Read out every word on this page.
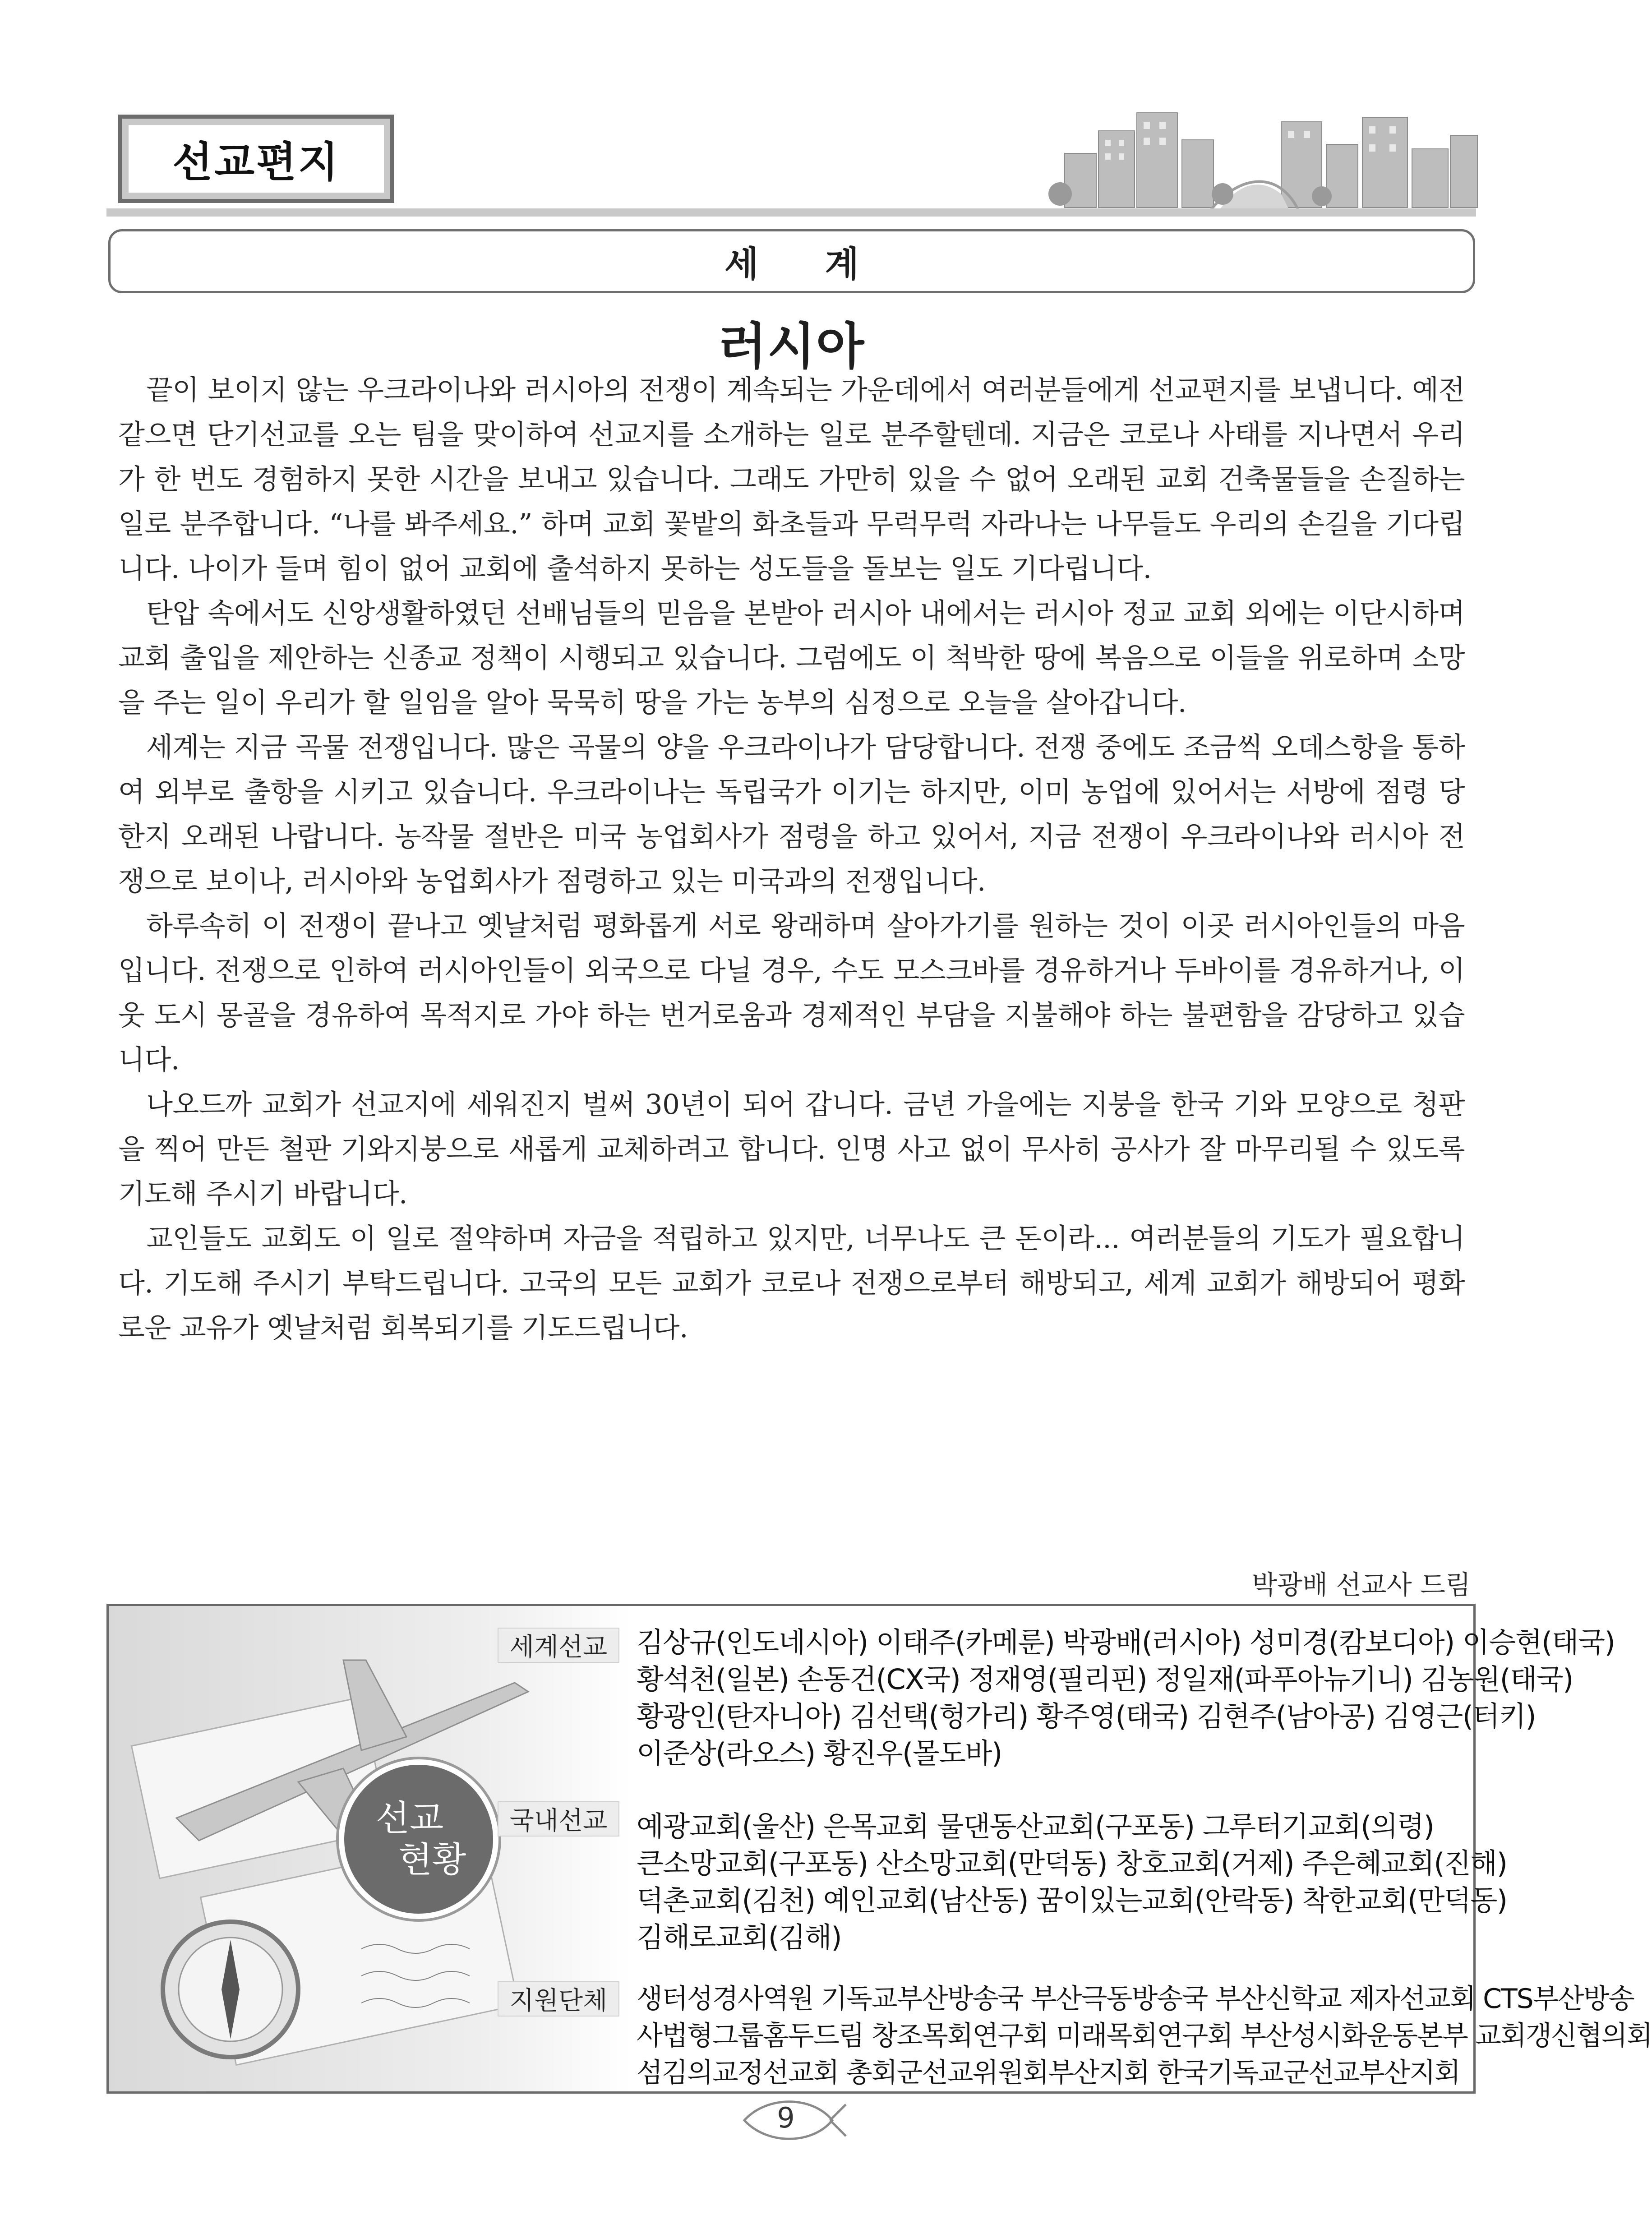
선교편지
세 계
러시아

끝이 보이지 않는 우크라이나와 러시아의 전쟁이 계속되는 가운데에서 여러분들에게 선교편지를 보냅니다. 예전 같으면 단기선교를 오는 팀을 맞이하여 선교지를 소개하는 일로 분주할텐데. 지금은 코로나 사태를 지나면서 우리가 한 번도 경험하지 못한 시간을 보내고 있습니다. 그래도 가만히 있을 수 없어 오래된 교회 건축물들을 손질하는 일로 분주합니다. “나를 봐주세요.” 하며 교회 꽃밭의 화초들과 무럭무럭 자라나는 나무들도 우리의 손길을 기다립니다. 나이가 들며 힘이 없어 교회에 출석하지 못하는 성도들을 돌보는 일도 기다립니다.

탄압 속에서도 신앙생활하였던 선배님들의 믿음을 본받아 러시아 내에서는 러시아 정교 교회 외에는 이단시하며 교회 출입을 제안하는 신종교 정책이 시행되고 있습니다. 그럼에도 이 척박한 땅에 복음으로 이들을 위로하며 소망을 주는 일이 우리가 할 일임을 알아 묵묵히 땅을 가는 농부의 심정으로 오늘을 살아갑니다.

세계는 지금 곡물 전쟁입니다. 많은 곡물의 양을 우크라이나가 담당합니다. 전쟁 중에도 조금씩 오데스항을 통하여 외부로 출항을 시키고 있습니다. 우크라이나는 독립국가 이기는 하지만, 이미 농업에 있어서는 서방에 점령 당한지 오래된 나랍니다. 농작물 절반은 미국 농업회사가 점령을 하고 있어서, 지금 전쟁이 우크라이나와 러시아 전쟁으로 보이나, 러시아와 농업회사가 점령하고 있는 미국과의 전쟁입니다.

하루속히 이 전쟁이 끝나고 옛날처럼 평화롭게 서로 왕래하며 살아가기를 원하는 것이 이곳 러시아인들의 마음입니다. 전쟁으로 인하여 러시아인들이 외국으로 다닐 경우, 수도 모스크바를 경유하거나 두바이를 경유하거나, 이웃 도시 몽골을 경유하여 목적지로 가야 하는 번거로움과 경제적인 부담을 지불해야 하는 불편함을 감당하고 있습니다.

나오드까 교회가 선교지에 세워진지 벌써 30년이 되어 갑니다. 금년 가을에는 지붕을 한국 기와 모양으로 청판을 찍어 만든 철판 기와지붕으로 새롭게 교체하려고 합니다. 인명 사고 없이 무사히 공사가 잘 마무리될 수 있도록 기도해 주시기 바랍니다.

교인들도 교회도 이 일로 절약하며 자금을 적립하고 있지만, 너무나도 큰 돈이라... 여러분들의 기도가 필요합니다. 기도해 주시기 부탁드립니다. 고국의 모든 교회가 코로나 전쟁으로부터 해방되고, 세계 교회가 해방되어 평화로운 교유가 옛날처럼 회복되기를 기도드립니다.

박광배 선교사 드림
선교
현황
세계선교	김상규(인도네시아) 이태주(카메룬) 박광배(러시아) 성미경(캄보디아) 이승현(태국)
황석천(일본) 손동건(CX국) 정재영(필리핀) 정일재(파푸아뉴기니) 김농원(태국)
황광인(탄자니아) 김선택(헝가리) 황주영(태국) 김현주(남아공) 김영근(터키)
이준상(라오스) 황진우(몰도바)
국내선교	예광교회(울산) 은목교회 물댄동산교회(구포동) 그루터기교회(의령)
큰소망교회(구포동) 산소망교회(만덕동) 창호교회(거제) 주은혜교회(진해)
덕촌교회(김천) 예인교회(남산동) 꿈이있는교회(안락동) 착한교회(만덕동)
김해로교회(김해)
지원단체	생터성경사역원 기독교부산방송국 부산극동방송국 부산신학교 제자선교회 CTS부산방송
사법형그룹홈두드림 창조목회연구회 미래목회연구회 부산성시화운동본부 교회갱신협의회
섬김의교정선교회 총회군선교위원회부산지회 한국기독교군선교부산지회
9
